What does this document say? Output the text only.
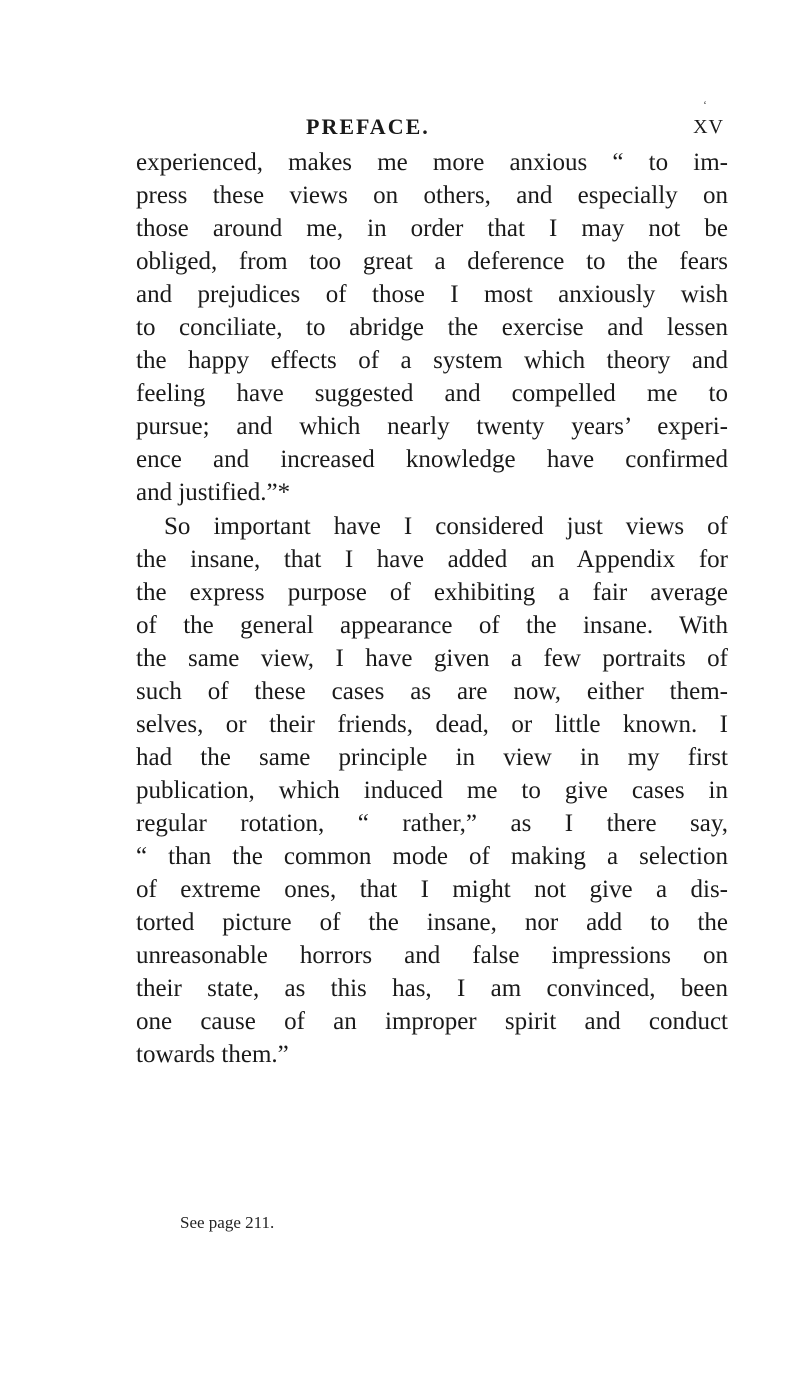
‘
PREFACE.	XV
experienced, makes me more anxious “ to im-
press these views on others, and especially on
those around me, in order that I may not be
obliged, from too great a deference to the fears
and prejudices of those I most anxiously wish
to conciliate, to abridge the exercise and lessen
the happy effects of a system which theory and
feeling have suggested and compelled me to
pursue; and which nearly twenty years’ experi-
ence and increased knowledge have confirmed
and justified.”*
So important have I considered just views of
the insane, that I have added an Appendix for
the express purpose of exhibiting a fair average
of the general appearance of the insane. With
the same view, I have given a few portraits of
such of these cases as are now, either them-
selves, or their friends, dead, or little known. I
had the same principle in view in my first
publication, which induced me to give cases in
regular rotation, “ rather,” as I there say,
“ than the common mode of making a selection
of extreme ones, that I might not give a dis-
torted picture of the insane, nor add to the
unreasonable horrors and false impressions on
their state, as this has, I am convinced, been
one cause of an improper spirit and conduct
towards them.”
See page 211.
